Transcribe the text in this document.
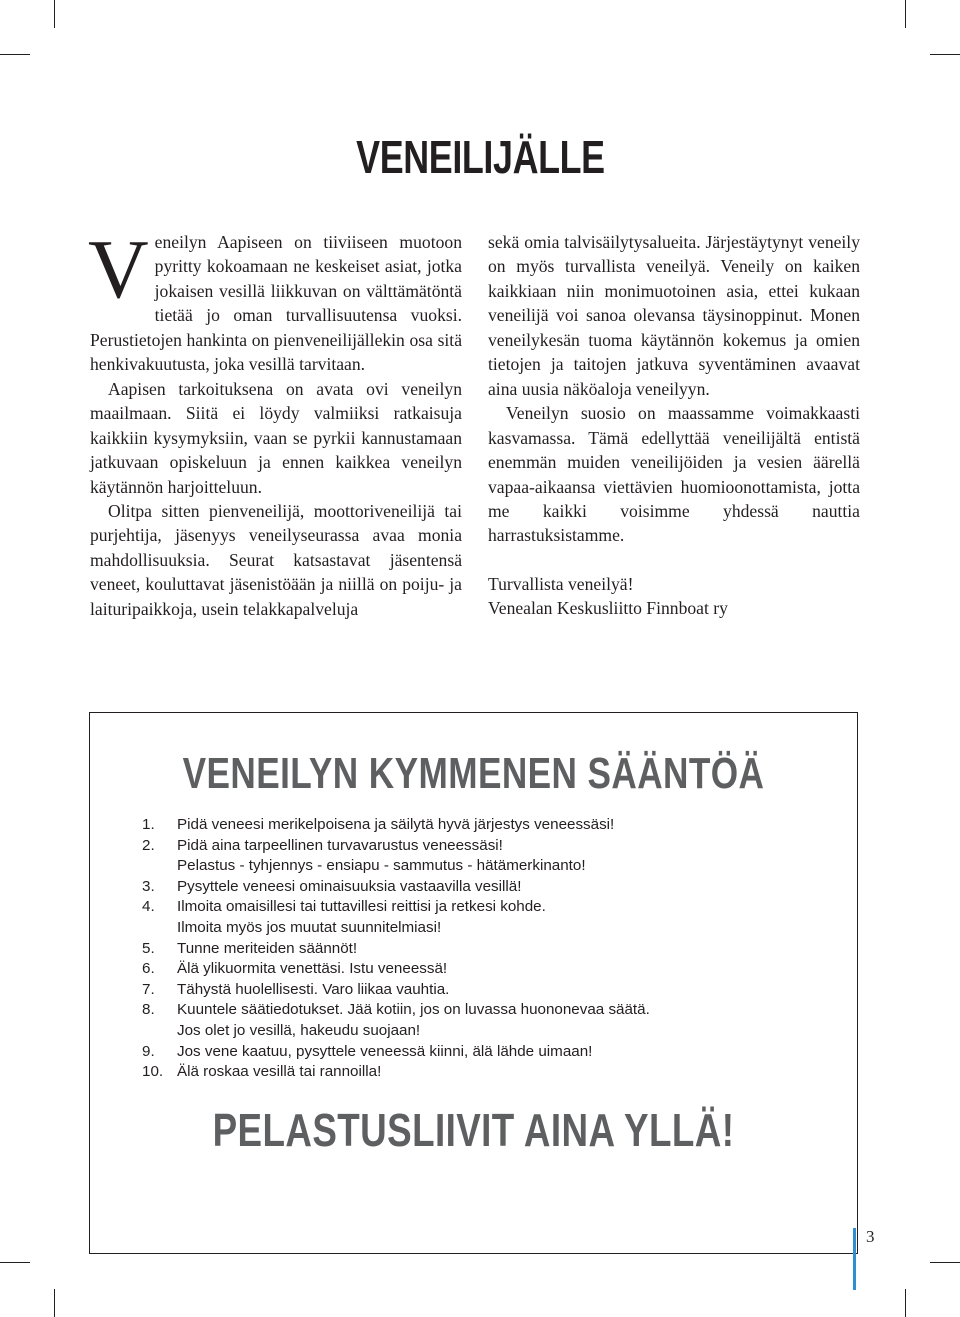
VENEILIJÄLLE
V eneilyn Aapiseen on tiiviiseen muotoon pyritty kokoamaan ne keskeiset asiat, jotka jokaisen vesillä liikkuvan on välttämätöntä tietää jo oman turvallisuutensa vuoksi. Perustietojen hankinta on pienveneilijällekin osa sitä henkivakuutusta, joka vesillä tarvitaan.

Aapisen tarkoituksena on avata ovi veneilyn maailmaan. Siitä ei löydy valmiiksi ratkaisuja kaikkiin kysymyksiin, vaan se pyrkii kannustamaan jatkuvaan opiskeluun ja ennen kaikkea veneilyn käytännön harjoitteluun.

Olitpa sitten pienveneilijä, moottoriveneilijä tai purjehtija, jäsenyys veneilyseurassa avaa monia mahdollisuuksia. Seurat katsastavat jäsentensä veneet, kouluttavat jäsenistöään ja niillä on poiju- ja laituripaikkoja, usein telakkapalveluja

sekä omia talvisäilytysalueita. Järjestäytynyt veneily on myös turvallista veneilyä. Veneily on kaiken kaikkiaan niin monimuotoinen asia, ettei kukaan veneilijä voi sanoa olevansa täysinoppinut. Monen veneilykesän tuoma käytännön kokemus ja omien tietojen ja taitojen jatkuva syventäminen avaavat aina uusia näköaloja veneilyyn.

Veneilyn suosio on maassamme voimakkaasti kasvamassa. Tämä edellyttää veneilijältä entistä enemmän muiden veneilijöiden ja vesien äärellä vapaa-aikaansa viettävien huomioonottamista, jotta me kaikki voisimme yhdessä nauttia harrastuksistamme.

Turvallista veneilyä!

Venealan Keskusliitto Finnboat ry

VENEILYN KYMMENEN SÄÄNTÖÄ
1.	Pidä veneesi merikelpoisena ja säilytä hyvä järjestys veneessäsi!
2.	Pidä aina tarpeellinen turvavarustus veneessäsi!
Pelastus - tyhjennys - ensiapu - sammutus - hätämerkinanto!
3.	Pysyttele veneesi ominaisuuksia vastaavilla vesillä!
4.	Ilmoita omaisillesi tai tuttavillesi reittisi ja retkesi kohde.
Ilmoita myös jos muutat suunnitelmiasi!
5.	Tunne meriteiden säännöt!
6.	Älä ylikuormita venettäsi. Istu veneessä!
7.	Tähystä huolellisesti. Varo liikaa vauhtia.
8.	Kuuntele säätiedotukset. Jää kotiin, jos on luvassa huononevaa säätä.
Jos olet jo vesillä, hakeudu suojaan!
9.	Jos vene kaatuu, pysyttele veneessä kiinni, älä lähde uimaan!
10. Älä roskaa vesillä tai rannoilla!
PELASTUSLIIVIT AINA YLLÄ!
3
